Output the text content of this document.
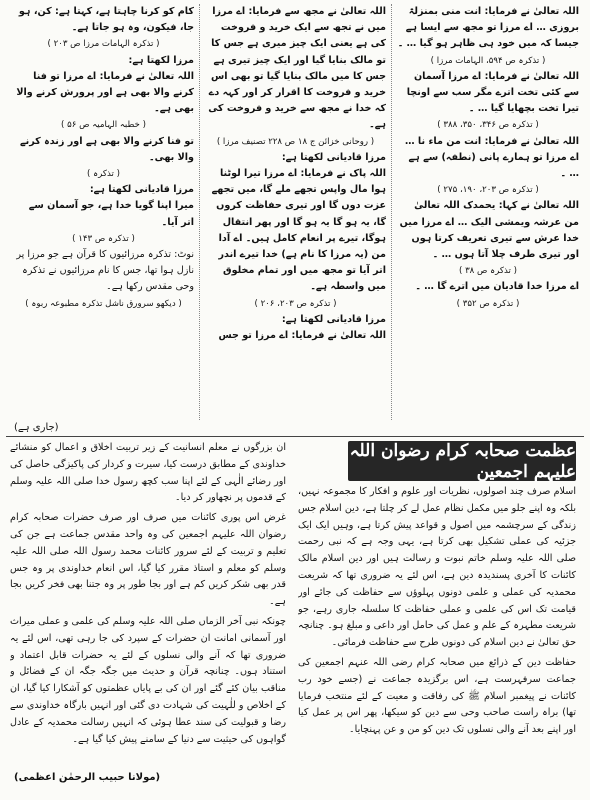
اللہ تعالیٰ نے فرمایا: انت منی بمنزلۃ بروزی … اے مرزا تو مجھ سے ایسا ہے جیسا کہ میں خود ہی ظاہر ہو گیا … ۔

( تذکرہ ص ۵۹۴، الہامات مرزا )

اللہ تعالیٰ نے فرمایا: اے مرزا آسمان سے کئی تخت اترے مگر سب سے اونچا تیرا تخت بچھایا گیا … ۔

( تذکرہ ص ۳۴۶، ۳۵۰، ۳۸۸ )

اللہ تعالیٰ نے فرمایا: انت من ماء نا … اے مرزا تو ہمارے پانی (نطفہ) سے ہے … ۔

( تذکرہ ص ۲۰۳، ۱۹۰، ۲۷۵ )

اللہ تعالیٰ نے کہا: یحمدک اللہ تعالیٰ من عرشہ ویمشی الیک … اے مرزا میں خدا عرش سے تیری تعریف کرتا ہوں اور تیری طرف چلا آتا ہوں … ۔

( تذکرہ ص ۳۸ )

اے مرزا خدا قادیان میں اترے گا … ۔

( تذکرہ ص ۳۵۲ )

اللہ تعالیٰ نے مجھ سے فرمایا: اے مرزا میں نے تجھ سے ایک خرید و فروخت کی ہے یعنی ایک چیز میری ہے جس کا تو مالک بنایا گیا اور ایک چیز تیری ہے جس کا میں مالک بنایا گیا تو بھی اس خرید و فروخت کا اقرار کر اور کہہ دے کہ خدا نے مجھ سے خرید و فروخت کی ہے۔

( روحانی خزائن ج ۱۸ ص ۲۲۸ تصنیف مرزا )

مرزا قادیانی لکھتا ہے:

اللہ پاک نے فرمایا: اے مرزا تیرا لوٹنا ہوا مال واپس تجھے ملے گا، میں تجھے عزت دوں گا اور تیری حفاظت کروں گا، یہ ہو گا یہ ہو گا اور پھر انتقال ہوگا، تیرے پر انعام کامل ہیں۔ اے آدا من (یہ مرزا کا نام ہے) خدا تیرے اندر اتر آیا تو مجھ میں اور تمام مخلوق میں واسطہ ہے۔

( تذکرہ ص ۲۰۳، ۲۰۶ )

مرزا قادیانی لکھتا ہے:

اللہ تعالیٰ نے فرمایا: اے مرزا تو جس

کام کو کرنا چاہتا ہے، کہتا ہے: کن، ہو جا، فیکون، وہ ہو جاتا ہے۔

( تذکرہ الہامات مرزا ص ۲۰۳ )

مرزا لکھتا ہے:

اللہ تعالیٰ نے فرمایا: اے مرزا تو فنا کرنے والا بھی ہے اور پرورش کرنے والا بھی ہے۔

( خطبہ الہامیہ ص ۵۶ )

تو فنا کرنے والا بھی ہے اور زندہ کرنے والا بھی۔

( تذکرہ )

مرزا قادیانی لکھتا ہے:

میرا اپنا گویا خدا ہے، جو آسمان سے اتر آیا۔

( تذکرہ ص ۱۴۳ )

نوٹ: تذکرہ مرزائیوں کا قرآن ہے جو مرزا پر نازل ہوا تھا، جس کا نام مرزائیوں نے تذکرہ وحی مقدس رکھا ہے۔

( دیکھو سرورق ناشل تذکرہ مطبوعہ ربوہ )

(جاری ہے)
عظمت صحابہ کرام رضوان اللہ علیہم اجمعین

اسلام صرف چند اصولوں، نظریات اور علوم و افکار کا مجموعہ نہیں، بلکہ وہ اپنے جلو میں مکمل نظام عمل لے کر چلتا ہے، دین اسلام جس زندگی کے سرچشمہ میں اصول و قواعد پیش کرتا ہے، وہیں ایک ایک جزئیہ کی عملی تشکیل بھی کرتا ہے، یہی وجہ ہے کہ نبی رحمت صلی اللہ علیہ وسلم خاتم نبوت و رسالت ہیں اور دین اسلام مالک کائنات کا آخری پسندیدہ دین ہے، اس لئے یہ ضروری تھا کہ شریعت محمدیہ کی عملی و علمی دونوں پہلوؤں سے حفاظت کی جائے اور قیامت تک اس کی علمی و عملی حفاظت کا سلسلہ جاری رہے، جو شریعت مطہرہ کے علم و عمل کی حامل اور داعی و مبلغ ہو۔ چنانچہ حق تعالیٰ نے دین اسلام کی دونوں طرح سے حفاظت فرمائی۔

حفاظت دین کے ذرائع میں صحابہ کرام رضی اللہ عنہم اجمعین کی جماعت سرفہرست ہے، اس برگزیدہ جماعت نے (جسے خود رب کائنات نے پیغمبر اسلام ﷺ کی رفاقت و معیت کے لئے منتخب فرمایا تھا) براہ راست صاحب وحی سے دین کو سیکھا، پھر اس پر عمل کیا اور اپنے بعد آنے والی نسلوں تک دین کو من و عن پہنچایا۔

ان بزرگوں نے معلم انسانیت کے زیر تربیت اخلاق و اعمال کو منشائے خداوندی کے مطابق درست کیا، سیرت و کردار کی پاکیزگی حاصل کی اور رضائے الٰہی کے لئے اپنا سب کچھ رسول خدا صلی اللہ علیہ وسلم کے قدموں پر نچھاور کر دیا۔

غرض اس پوری کائنات میں صرف اور صرف حضرات صحابہ کرام رضوان اللہ علیہم اجمعین کی وہ واحد مقدس جماعت ہے جن کی تعلیم و تربیت کے لئے سرور کائنات محمد رسول اللہ صلی اللہ علیہ وسلم کو معلم و استاذ مقرر کیا گیا، اس انعام خداوندی پر وہ جس قدر بھی شکر کریں کم ہے اور بجا طور پر وہ جتنا بھی فخر کریں بجا ہے۔

چونکہ نبی آخر الزماں صلی اللہ علیہ وسلم کی علمی و عملی میراث اور آسمانی امانت ان حضرات کے سپرد کی جا رہی تھی، اس لئے یہ ضروری تھا کہ آنے والی نسلوں کے لئے یہ حضرات قابل اعتماد و استناد ہوں۔ چنانچہ قرآن و حدیث میں جگہ جگہ ان کے فضائل و مناقب بیان کئے گئے اور ان کی بے پایاں عظمتوں کو آشکارا کیا گیا، ان کے اخلاص و للٰہیت کی شہادت دی گئی اور انہیں بارگاہ خداوندی سے رضا و قبولیت کی سند عطا ہوئی کہ انہیں رسالت محمدیہ کے عادل گواہوں کی حیثیت سے دنیا کے سامنے پیش کیا گیا ہے۔

(مولانا حبیب الرحمٰن اعظمی)
